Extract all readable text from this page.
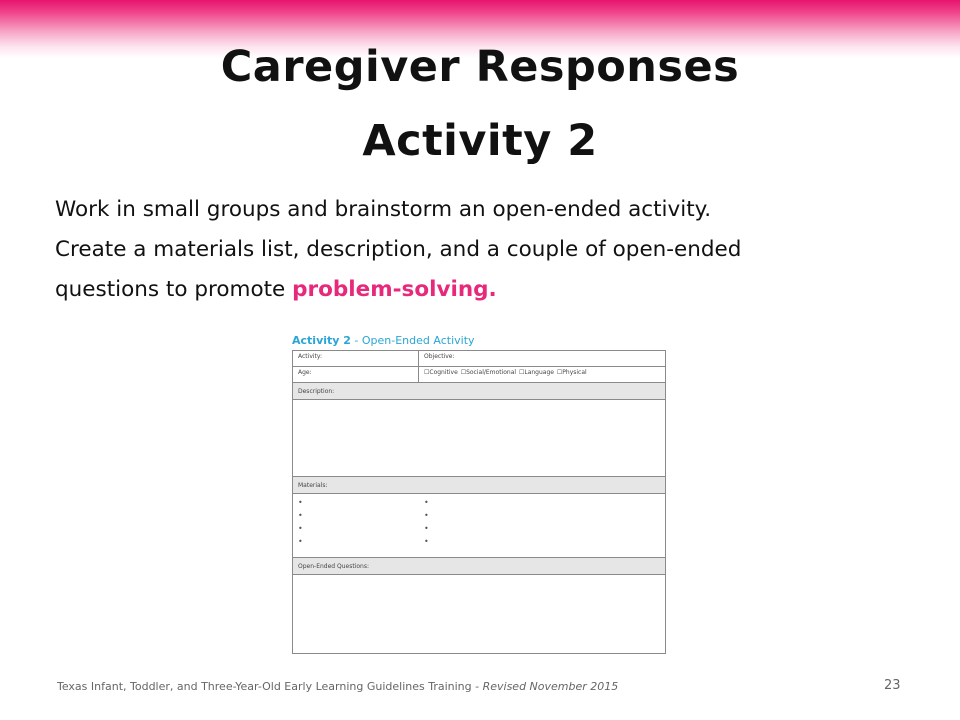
Caregiver Responses
Activity 2

Work in small groups and brainstorm an open-ended activity.

Create a materials list, description, and a couple of open-ended

questions to promote problem-solving.

Activity 2 - Open-Ended Activity
Activity:	Objective:
Age:	☐Cognitive ☐Social/Emotional ☐Language ☐Physical
Description:
Materials:
•
•
•
•
•
•
•
•
Open-Ended Questions:
Texas Infant, Toddler, and Three-Year-Old Early Learning Guidelines Training - Revised November 2015	23
